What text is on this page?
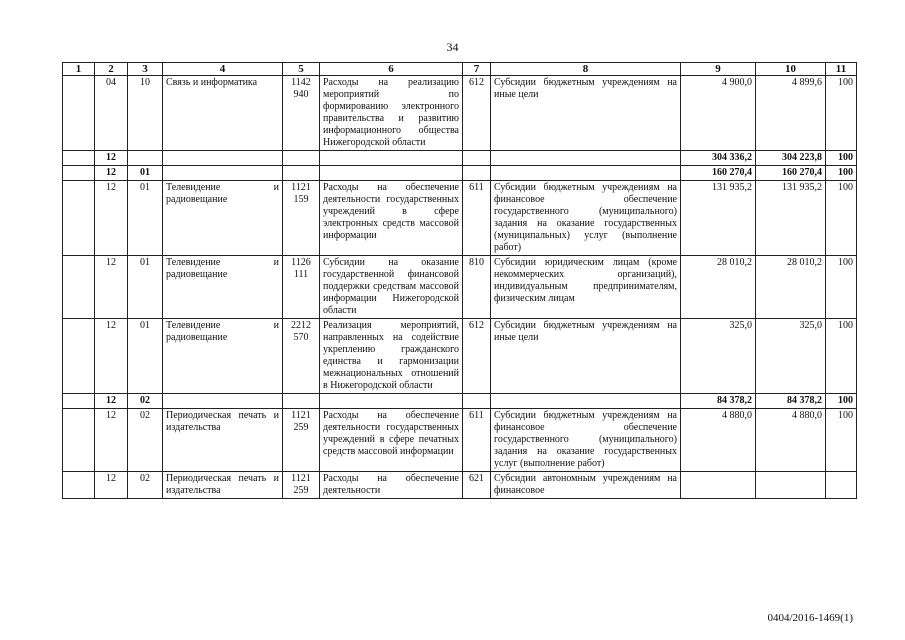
34
1	2	3	4	5	6	7	8	9	10	11
	04	10	Связь и информатика	1142 940	Расходы на реализацию мероприятий по формированию электронного правительства и развитию информационного общества Нижегородской области	612	Субсидии бюджетным учреждениям на иные цели	4 900,0	4 899,6	100
	12							304 336,2	304 223,8	100
	12	01						160 270,4	160 270,4	100
	12	01	Телевидение и радиовещание	1121 159	Расходы на обеспечение деятельности государственных учреждений в сфере электронных средств массовой информации	611	Субсидии бюджетным учреждениям на финансовое обеспечение государственного (муниципального) задания на оказание государственных (муниципальных) услуг (выполнение работ)	131 935,2	131 935,2	100
	12	01	Телевидение и радиовещание	1126 111	Субсидии на оказание государственной финансовой поддержки средствам массовой информации Нижегородской области	810	Субсидии юридическим лицам (кроме некоммерческих организаций), индивидуальным предпринимателям, физическим лицам	28 010,2	28 010,2	100
	12	01	Телевидение и радиовещание	2212 570	Реализация мероприятий, направленных на содействие укреплению гражданского единства и гармонизации межнациональных отношений в Нижегородской области	612	Субсидии бюджетным учреждениям на иные цели	325,0	325,0	100
	12	02						84 378,2	84 378,2	100
	12	02	Периодическая печать и издательства	1121 259	Расходы на обеспечение деятельности государственных учреждений в сфере печатных средств массовой информации	611	Субсидии бюджетным учреждениям на финансовое обеспечение государственного (муниципального) задания на оказание государственных услуг (выполнение работ)	4 880,0	4 880,0	100
	12	02	Периодическая печать и издательства	1121 259	Расходы на обеспечение деятельности	621	Субсидии автономным учреждениям на финансовое			
0404/2016-1469(1)
